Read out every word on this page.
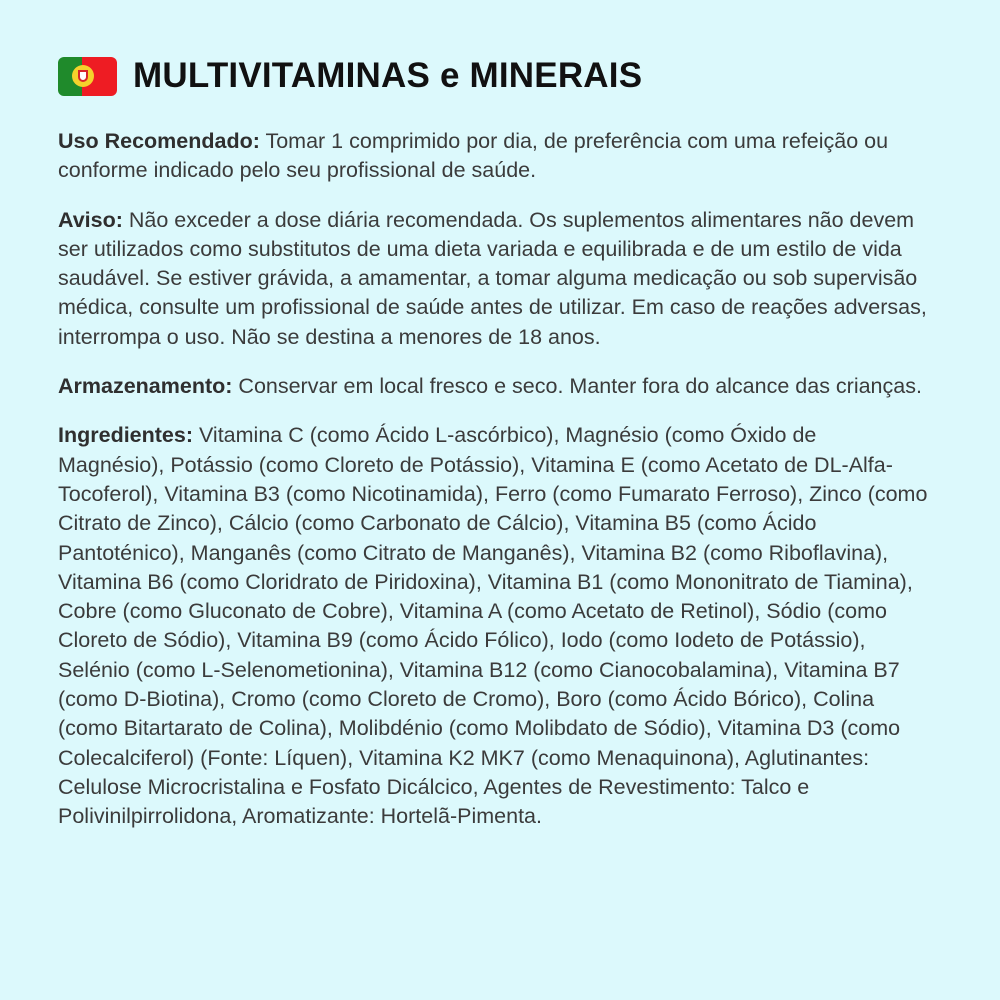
MULTIVITAMINAS e MINERAIS

Uso Recomendado: Tomar 1 comprimido por dia, de preferência com uma refeição ou conforme indicado pelo seu profissional de saúde.

Aviso: Não exceder a dose diária recomendada. Os suplementos alimentares não devem ser utilizados como substitutos de uma dieta variada e equilibrada e de um estilo de vida saudável. Se estiver grávida, a amamentar, a tomar alguma medicação ou sob supervisão médica, consulte um profissional de saúde antes de utilizar. Em caso de reações adversas, interrompa o uso. Não se destina a menores de 18 anos.

Armazenamento: Conservar em local fresco e seco. Manter fora do alcance das crianças.

Ingredientes: Vitamina C (como Ácido L-ascórbico), Magnésio (como Óxido de Magnésio), Potássio (como Cloreto de Potássio), Vitamina E (como Acetato de DL-Alfa-Tocoferol), Vitamina B3 (como Nicotinamida), Ferro (como Fumarato Ferroso), Zinco (como Citrato de Zinco), Cálcio (como Carbonato de Cálcio), Vitamina B5 (como Ácido Pantoténico), Manganês (como Citrato de Manganês), Vitamina B2 (como Riboflavina), Vitamina B6 (como Cloridrato de Piridoxina), Vitamina B1 (como Mononitrato de Tiamina), Cobre (como Gluconato de Cobre), Vitamina A (como Acetato de Retinol), Sódio (como Cloreto de Sódio), Vitamina B9 (como Ácido Fólico), Iodo (como Iodeto de Potássio), Selénio (como L-Selenometionina), Vitamina B12 (como Cianocobalamina), Vitamina B7 (como D-Biotina), Cromo (como Cloreto de Cromo), Boro (como Ácido Bórico), Colina (como Bitartarato de Colina), Molibdénio (como Molibdato de Sódio), Vitamina D3 (como Colecalciferol) (Fonte: Líquen), Vitamina K2 MK7 (como Menaquinona), Aglutinantes: Celulose Microcristalina e Fosfato Dicálcico, Agentes de Revestimento: Talco e Polivinilpirrolidona, Aromatizante: Hortelã-Pimenta.
